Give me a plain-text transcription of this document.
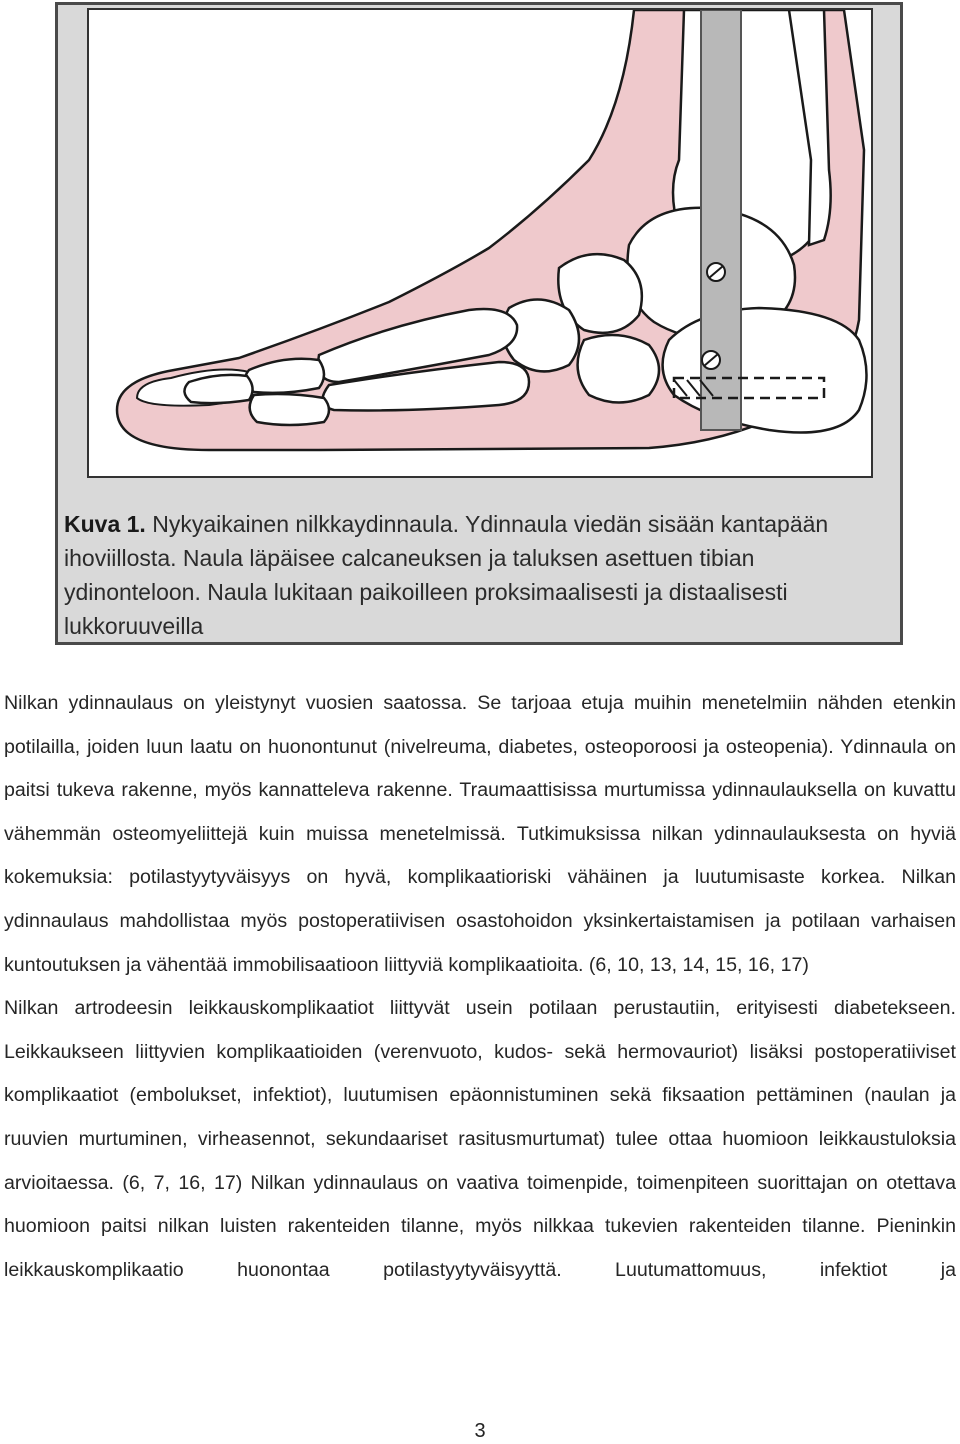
Kuva 1. Nykyaikainen nilkkaydinnaula. Ydinnaula viedän sisään kantapään ihoviillosta. Naula läpäisee calcaneuksen ja taluksen asettuen tibian ydinonteloon. Naula lukitaan paikoilleen proksimaalisesti ja distaalisesti lukkoruuveilla

Nilkan ydinnaulaus on yleistynyt vuosien saatossa. Se tarjoaa etuja muihin menetelmiin nähden etenkin potilailla, joiden luun laatu on huonontunut (nivelreuma, diabetes, osteoporoosi ja osteopenia). Ydinnaula on paitsi tukeva rakenne, myös kannatteleva rakenne. Traumaattisissa murtumissa ydinnaulauksella on kuvattu vähemmän osteomyeliittejä kuin muissa menetelmissä. Tutkimuksissa nilkan ydinnaulauksesta on hyviä kokemuksia: potilastyytyväisyys on hyvä, komplikaatioriski vähäinen ja luutumisaste korkea. Nilkan ydinnaulaus mahdollistaa myös postoperatiivisen osastohoidon yksinkertaistamisen ja potilaan varhaisen kuntoutuksen ja vähentää immobilisaatioon liittyviä komplikaatioita. (6, 10, 13, 14, 15, 16, 17)

Nilkan artrodeesin leikkauskomplikaatiot liittyvät usein potilaan perustautiin, erityisesti diabetekseen. Leikkaukseen liittyvien komplikaatioiden (verenvuoto, kudos- sekä hermovauriot) lisäksi postoperatiiviset komplikaatiot (embolukset, infektiot), luutumisen epäonnistuminen sekä fiksaation pettäminen (naulan ja ruuvien murtuminen, virheasennot, sekundaariset rasitusmurtumat) tulee ottaa huomioon leikkaustuloksia arvioitaessa. (6, 7, 16, 17) Nilkan ydinnaulaus on vaativa toimenpide, toimenpiteen suorittajan on otettava huomioon paitsi nilkan luisten rakenteiden tilanne, myös nilkkaa tukevien rakenteiden tilanne. Pieninkin leikkauskomplikaatio huonontaa potilastyytyväisyyttä. Luutumattomuus, infektiot ja

3
